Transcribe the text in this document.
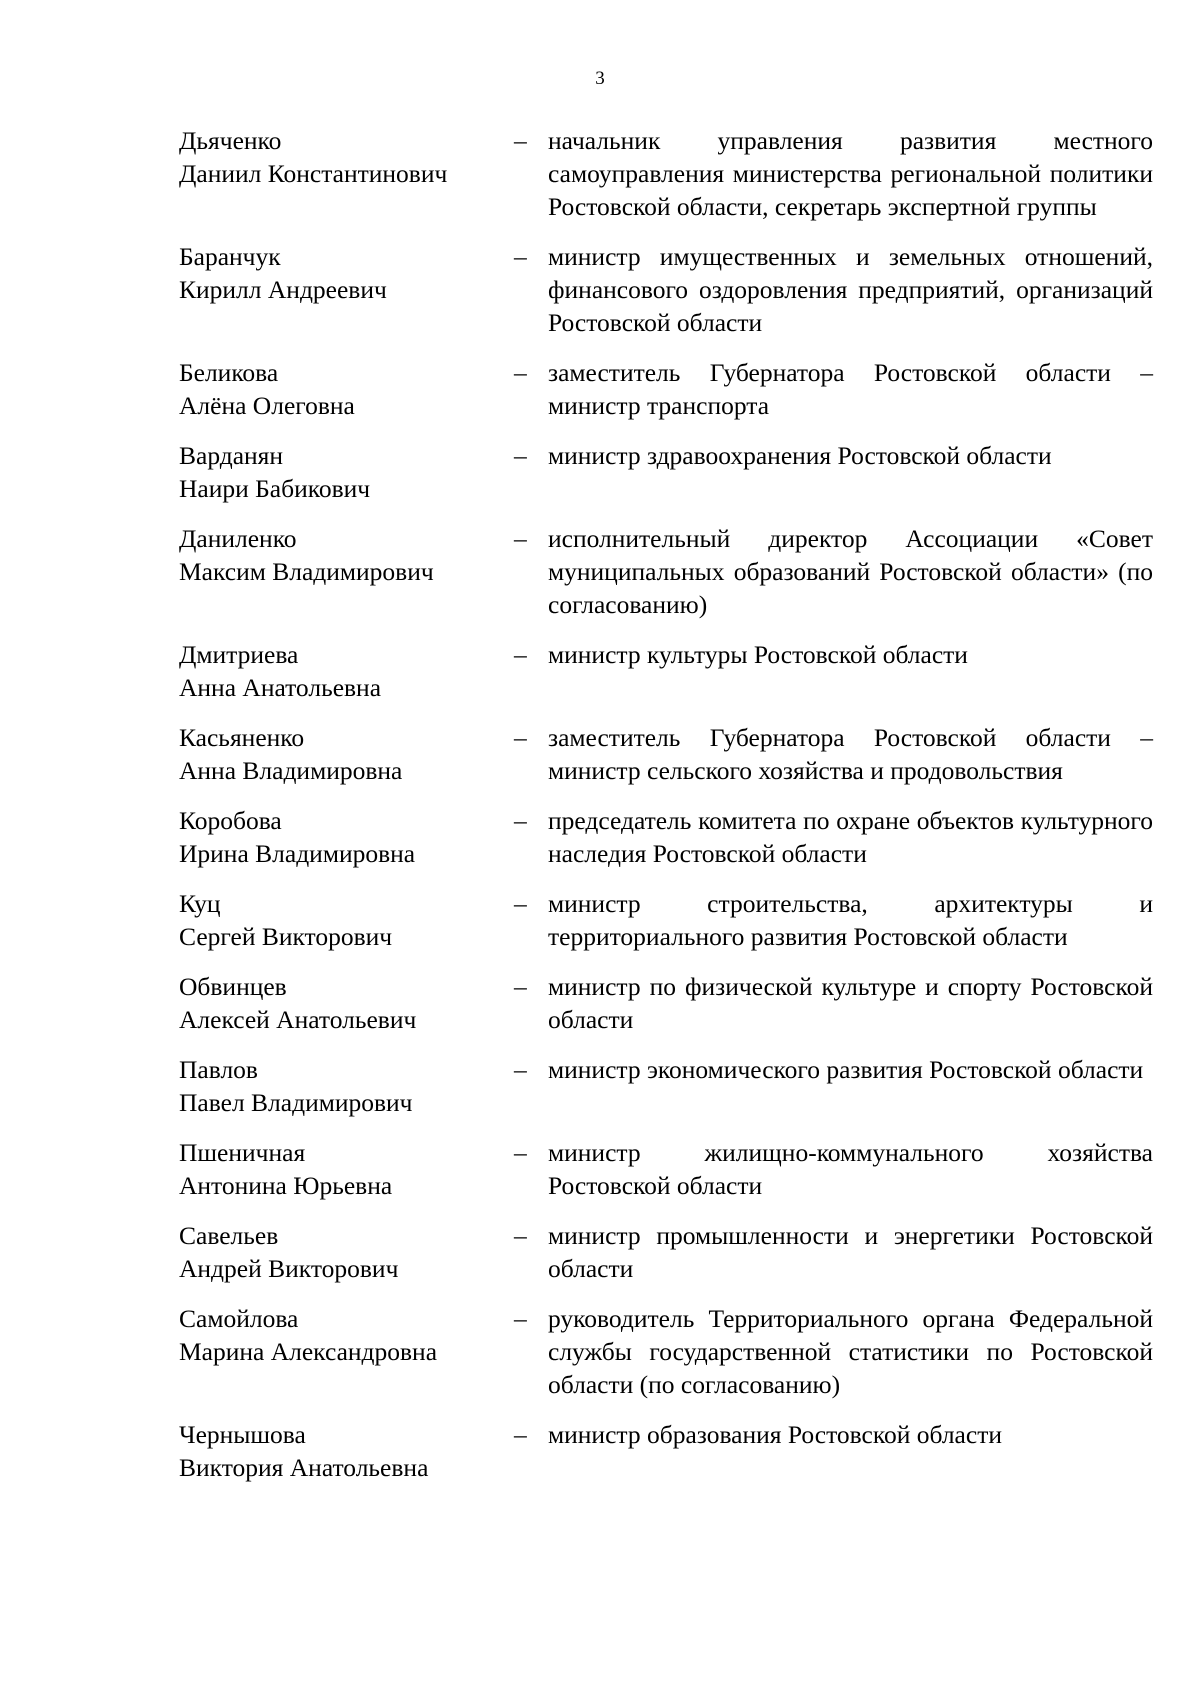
3
Дьяченко
Даниил Константинович
– начальник управления развития местного самоуправления министерства региональной политики Ростовской области, секретарь экспертной группы
Баранчук
Кирилл Андреевич
– министр имущественных и земельных отношений, финансового оздоровления предприятий, организаций Ростовской области
Беликова
Алёна Олеговна
– заместитель Губернатора Ростовской области – министр транспорта
Варданян
Наири Бабикович
– министр здравоохранения Ростовской области
Даниленко
Максим Владимирович
– исполнительный директор Ассоциации «Совет муниципальных образований Ростовской области» (по согласованию)
Дмитриева
Анна Анатольевна
– министр культуры Ростовской области
Касьяненко
Анна Владимировна
– заместитель Губернатора Ростовской области – министр сельского хозяйства и продовольствия
Коробова
Ирина Владимировна
– председатель комитета по охране объектов культурного наследия Ростовской области
Куц
Сергей Викторович
– министр строительства, архитектуры и территориального развития Ростовской области
Обвинцев
Алексей Анатольевич
– министр по физической культуре и спорту Ростовской области
Павлов
Павел Владимирович
– министр экономического развития Ростовской области
Пшеничная
Антонина Юрьевна
– министр жилищно-коммунального хозяйства Ростовской области
Савельев
Андрей Викторович
– министр промышленности и энергетики Ростовской области
Самойлова
Марина Александровна
– руководитель Территориального органа Федеральной службы государственной статистики по Ростовской области (по согласованию)
Чернышова
Виктория Анатольевна
– министр образования Ростовской области
